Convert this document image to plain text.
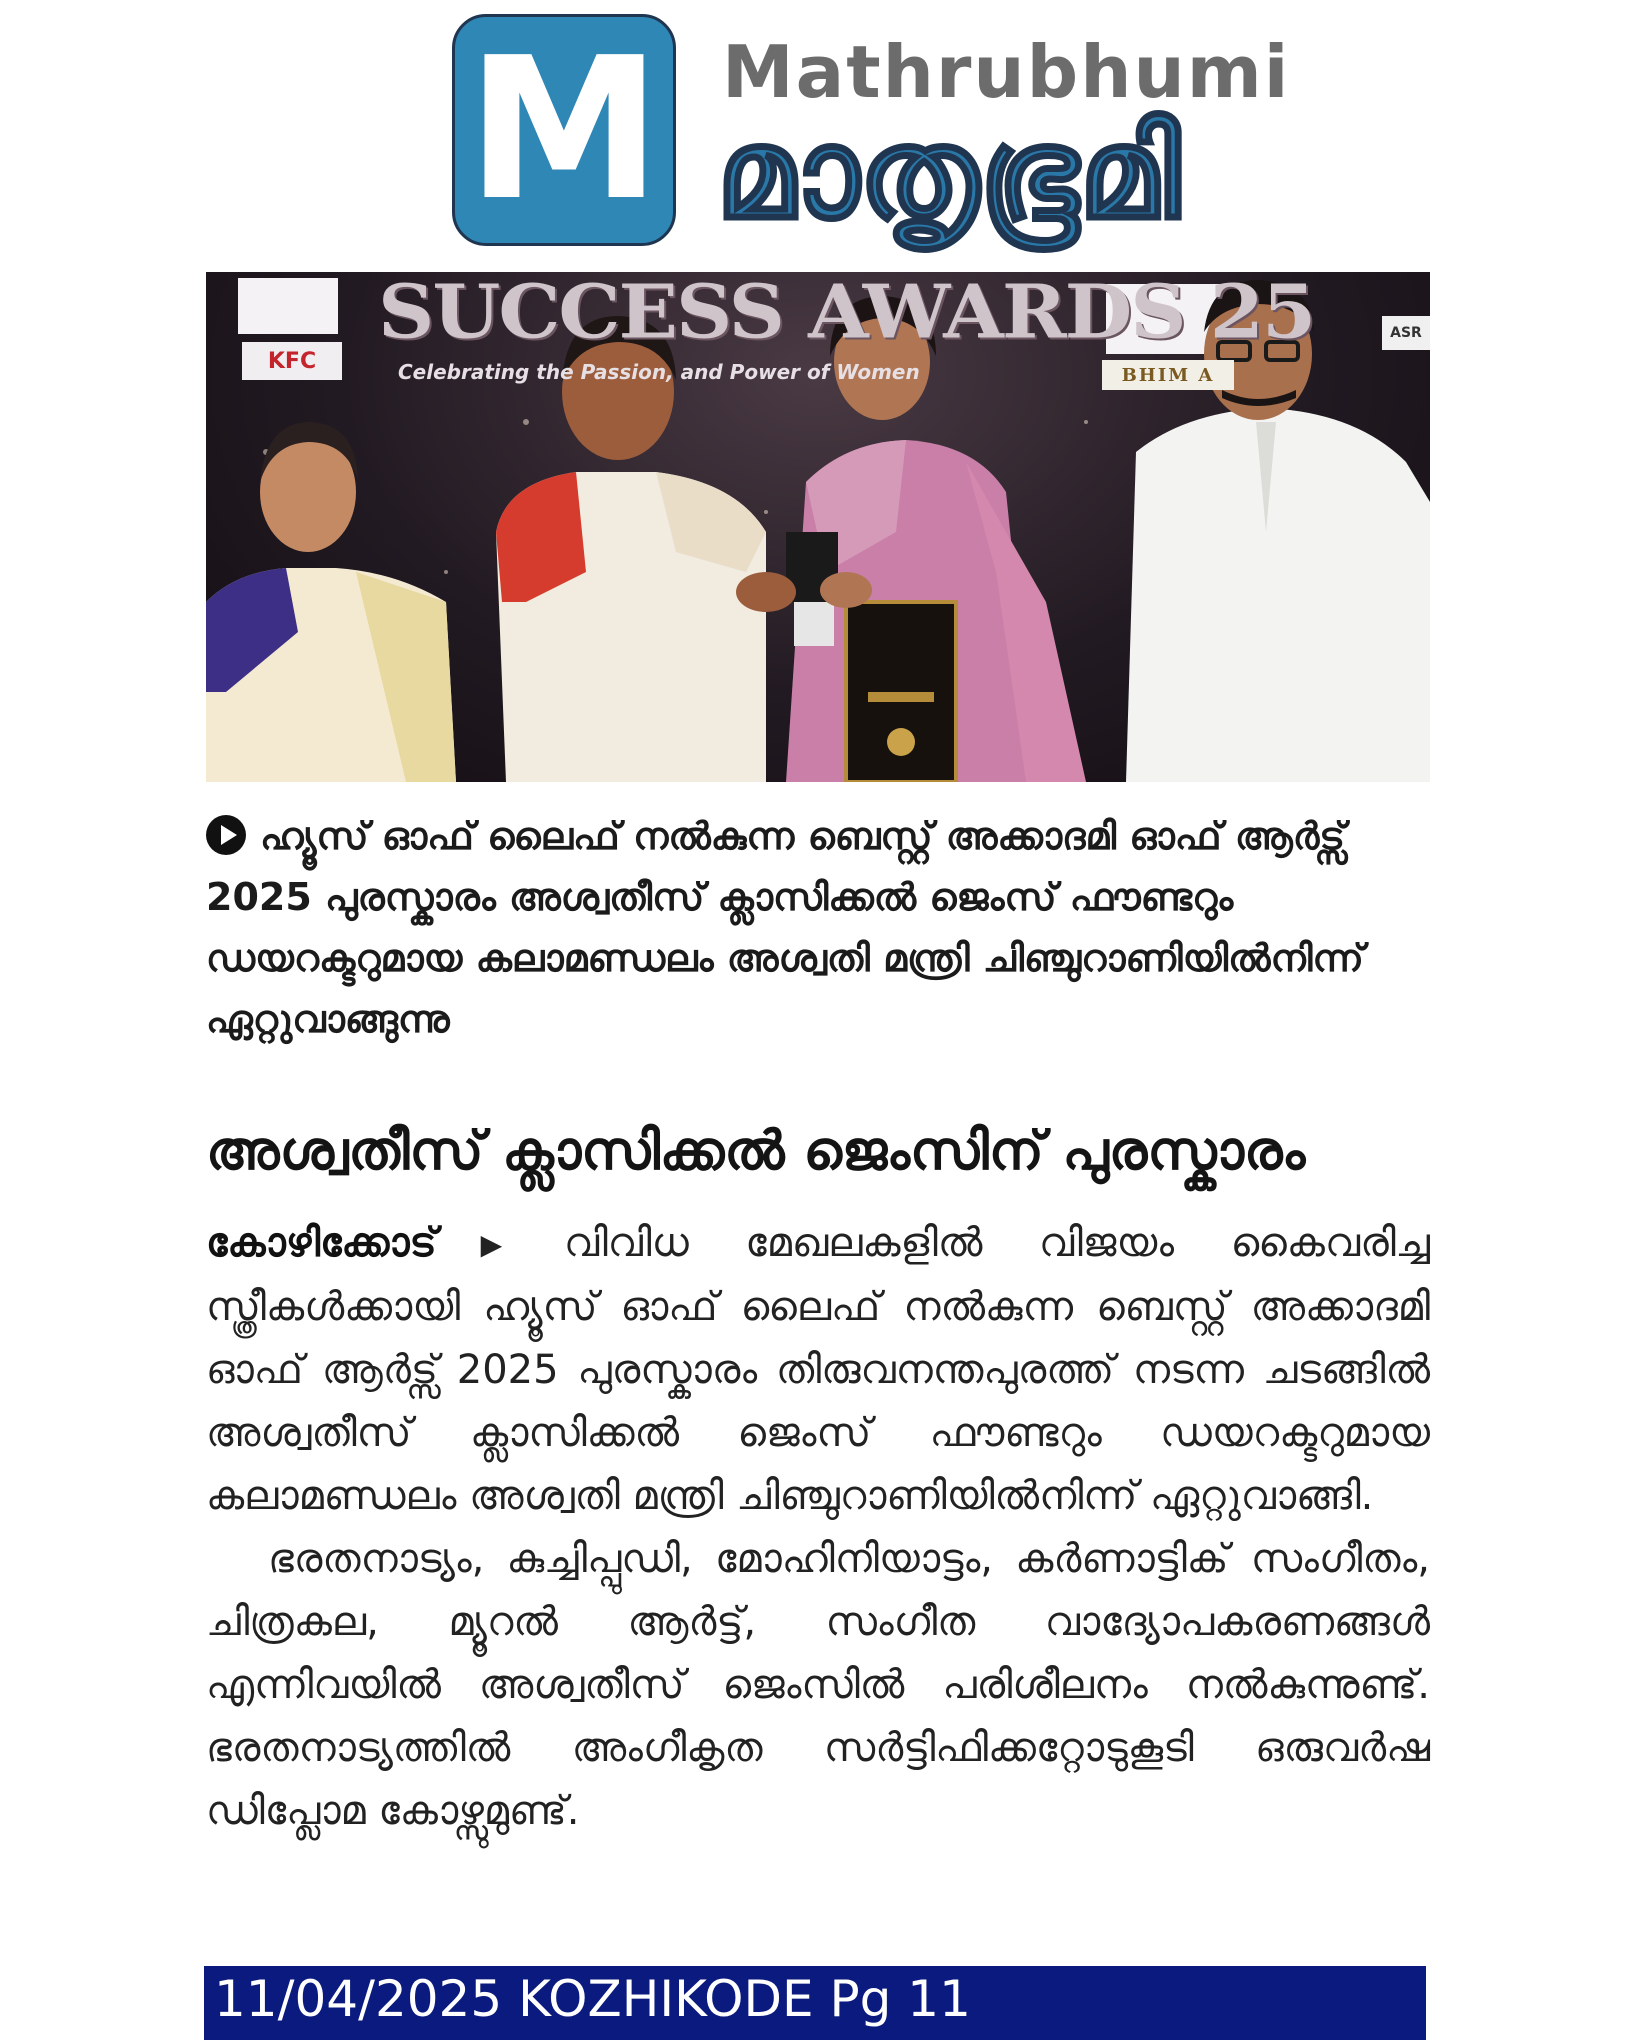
M Mathrubhumi
മാതൃഭൂമി
SUCCESS AWARDS 25
Celebrating the Passion, and Power of Women
KFC
BHIM A
ASR
ഹ്യൂസ് ഓഫ് ലൈഫ് നൽകുന്ന ബെസ്റ്റ് അക്കാദമി ഓഫ് ആർട്സ് 2025 പുരസ്കാരം അശ്വതീസ് ക്ലാസിക്കൽ ജെംസ് ഫൗണ്ടറും ഡയറക്ടറുമായ കലാമണ്ഡലം അശ്വതി മന്ത്രി ചിഞ്ചുറാണിയിൽനിന്ന് ഏറ്റുവാങ്ങുന്നു
അശ്വതീസ് ക്ലാസിക്കൽ ജെംസിന് പുരസ്കാരം

കോഴിക്കോട്▶ വിവിധ മേഖലകളിൽ വിജയം കൈവരിച്ച സ്ത്രീകൾക്കായി ഹ്യൂസ് ഓഫ് ലൈഫ് നൽകുന്ന ബെസ്റ്റ് അക്കാദമി ഓഫ് ആർട്സ് 2025 പുരസ്കാരം തിരുവനന്തപുരത്ത് നടന്ന ചടങ്ങിൽ അശ്വതീസ് ക്ലാസിക്കൽ ജെംസ് ഫൗണ്ടറും ഡയറക്ടറുമായ കലാമണ്ഡലം അശ്വതി മന്ത്രി ചിഞ്ചുറാണിയിൽനിന്ന് ഏറ്റുവാങ്ങി.

ഭരതനാട്യം, കുച്ചിപ്പുഡി, മോഹിനിയാട്ടം, കർണാട്ടിക് സംഗീതം, ചിത്രകല, മ്യൂറൽ ആർട്ട്, സംഗീത വാദ്യോപകരണങ്ങൾ എന്നിവയിൽ അശ്വതീസ് ജെംസിൽ പരിശീലനം നൽകുന്നുണ്ട്. ഭരതനാട്യത്തിൽ അംഗീകൃത സർട്ടിഫിക്കറ്റോടുകൂടി ഒരുവർഷ ഡിപ്ലോമ കോഴ്സുമുണ്ട്.

11/04/2025 KOZHIKODE Pg 11
